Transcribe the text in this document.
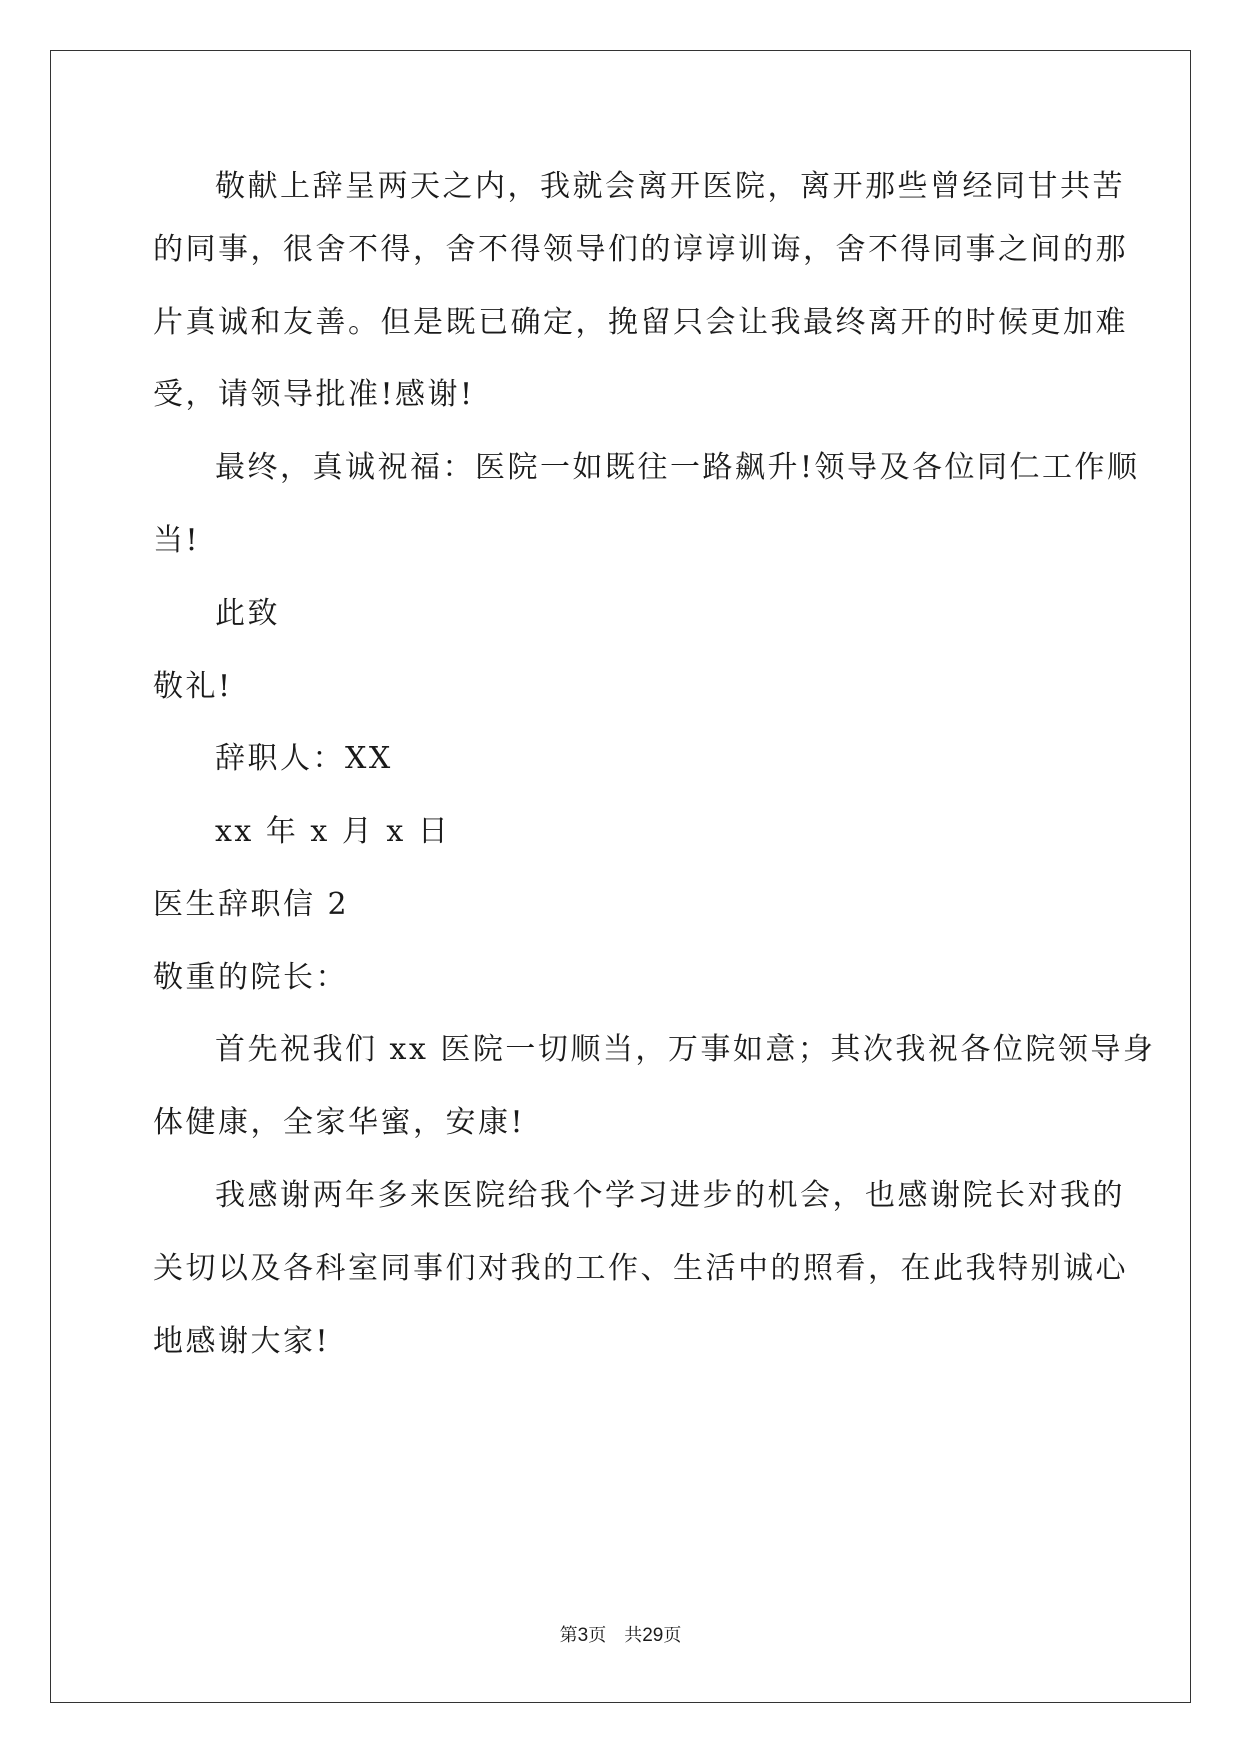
敬献上辞呈两天之内，我就会离开医院，离开那些曾经同甘共苦
的同事，很舍不得，舍不得领导们的谆谆训诲，舍不得同事之间的那
片真诚和友善。但是既已确定，挽留只会让我最终离开的时候更加难
受，请领导批准!感谢!
最终，真诚祝福：医院一如既往一路飙升!领导及各位同仁工作顺
当!
此致
敬礼!
辞职人：XX
xx 年 x 月 x 日
医生辞职信 2
敬重的院长：
首先祝我们 xx 医院一切顺当，万事如意；其次我祝各位院领导身
体健康，全家华蜜，安康!
我感谢两年多来医院给我个学习进步的机会，也感谢院长对我的
关切以及各科室同事们对我的工作、生活中的照看，在此我特别诚心
地感谢大家!
第3页 共29页
